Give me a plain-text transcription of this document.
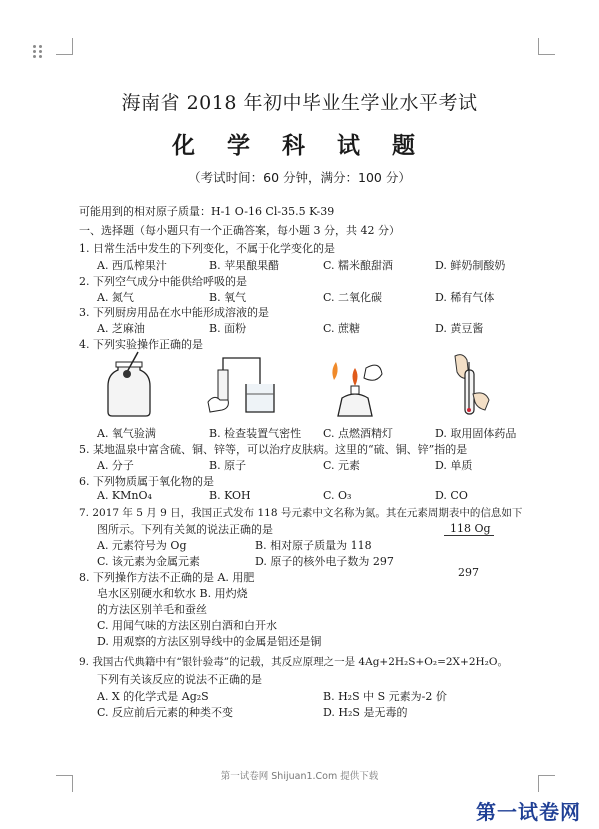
海南省 2018 年初中毕业生学业水平考试
化 学 科 试 题
（考试时间：60 分钟，满分：100 分）
可能用到的相对原子质量：H-1 O-16 Cl-35.5 K-39
一、选择题（每小题只有一个正确答案，每小题 3 分，共 42 分）
1. 日常生活中发生的下列变化，不属于化学变化的是
A. 西瓜榨果汁	B. 苹果酿果醋	C. 糯米酿甜酒	D. 鲜奶制酸奶
2. 下列空气成分中能供给呼吸的是
A. 氮气	B. 氧气	C. 二氧化碳	D. 稀有气体
3. 下列厨房用品在水中能形成溶液的是
A. 芝麻油	B. 面粉	C. 蔗糖	D. 黄豆酱
4. 下列实验操作正确的是
A. 氧气验满	B. 检查装置气密性 C. 点燃酒精灯	D. 取用固体药品
5. 某地温泉中富含硫、铜、锌等，可以治疗皮肤病。这里的“硫、铜、锌”指的是
A. 分子	B. 原子	C. 元素	D. 单质
6. 下列物质属于氧化物的是
A. KMnO₄	B. KOH	C. O₃	D. CO
7. 2017 年 5 月 9 日，我国正式发布 118 号元素中文名称为氮。其在元素周期表中的信息如下
图所示。下列有关氮的说法正确的是	118 Og
297
A. 元素符号为 Og	B. 相对原子质量为 118
C. 该元素为金属元素	D. 原子的核外电子数为 297
8. 下列操作方法不正确的是 A. 用肥
皂水区别硬水和软水 B. 用灼烧
的方法区别羊毛和蚕丝
C. 用闻气味的方法区别白酒和白开水
D. 用观察的方法区别导线中的金属是铝还是铜
9. 我国古代典籍中有“银针验毒”的记载，其反应原理之一是 4Ag+2H₂S+O₂=2X+2H₂O。
下列有关该反应的说法不正确的是
A. X 的化学式是 Ag₂S	B. H₂S 中 S 元素为-2 价
C. 反应前后元素的种类不变	D. H₂S 是无毒的
第一试卷网 Shijuan1.Com 提供下载
第一试卷网
